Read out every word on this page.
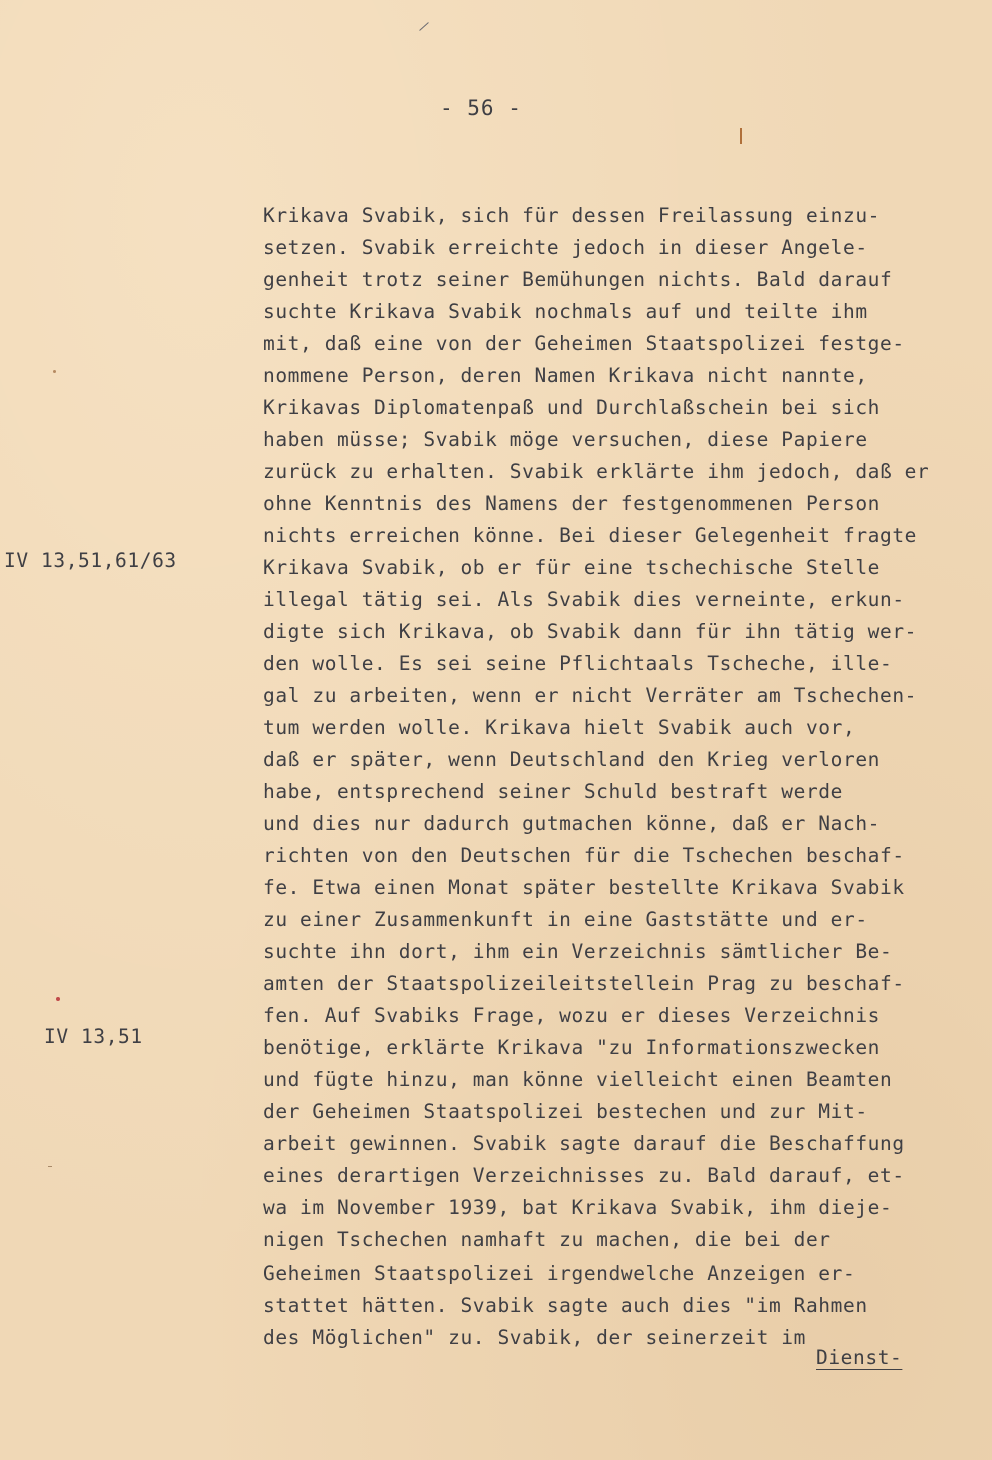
- 56 -
IV 13,51,61/63
IV 13,51
Krikava Svabik, sich für dessen Freilassung einzu-
setzen. Svabik erreichte jedoch in dieser Angele-
genheit trotz seiner Bemühungen nichts. Bald darauf
suchte Krikava Svabik nochmals auf und teilte ihm
mit, daß eine von der Geheimen Staatspolizei festge-
nommene Person, deren Namen Krikava nicht nannte,
Krikavas Diplomatenpaß und Durchlaßschein bei sich
haben müsse; Svabik möge versuchen, diese Papiere
zurück zu erhalten. Svabik erklärte ihm jedoch, daß er
ohne Kenntnis des Namens der festgenommenen Person
nichts erreichen könne. Bei dieser Gelegenheit fragte
Krikava Svabik, ob er für eine tschechische Stelle
illegal tätig sei. Als Svabik dies verneinte, erkun-
digte sich Krikava, ob Svabik dann für ihn tätig wer-
den wolle. Es sei seine Pflichtaals Tscheche, ille-
gal zu arbeiten, wenn er nicht Verräter am Tschechen-
tum werden wolle. Krikava hielt Svabik auch vor,
daß er später, wenn Deutschland den Krieg verloren
habe, entsprechend seiner Schuld bestraft werde
und dies nur dadurch gutmachen könne, daß er Nach-
richten von den Deutschen für die Tschechen beschaf-
fe. Etwa einen Monat später bestellte Krikava Svabik
zu einer Zusammenkunft in eine Gaststätte und er-
suchte ihn dort, ihm ein Verzeichnis sämtlicher Be-
amten der Staatspolizeileitstellein Prag zu beschaf-
fen. Auf Svabiks Frage, wozu er dieses Verzeichnis
benötige, erklärte Krikava "zu Informationszwecken
und fügte hinzu, man könne vielleicht einen Beamten
der Geheimen Staatspolizei bestechen und zur Mit-
arbeit gewinnen. Svabik sagte darauf die Beschaffung
eines derartigen Verzeichnisses zu. Bald darauf, et-
wa im November 1939, bat Krikava Svabik, ihm dieje-
nigen Tschechen namhaft zu machen, die bei der
Geheimen Staatspolizei irgendwelche Anzeigen er-
stattet hätten. Svabik sagte auch dies "im Rahmen
des Möglichen" zu. Svabik, der seinerzeit im
Dienst-
